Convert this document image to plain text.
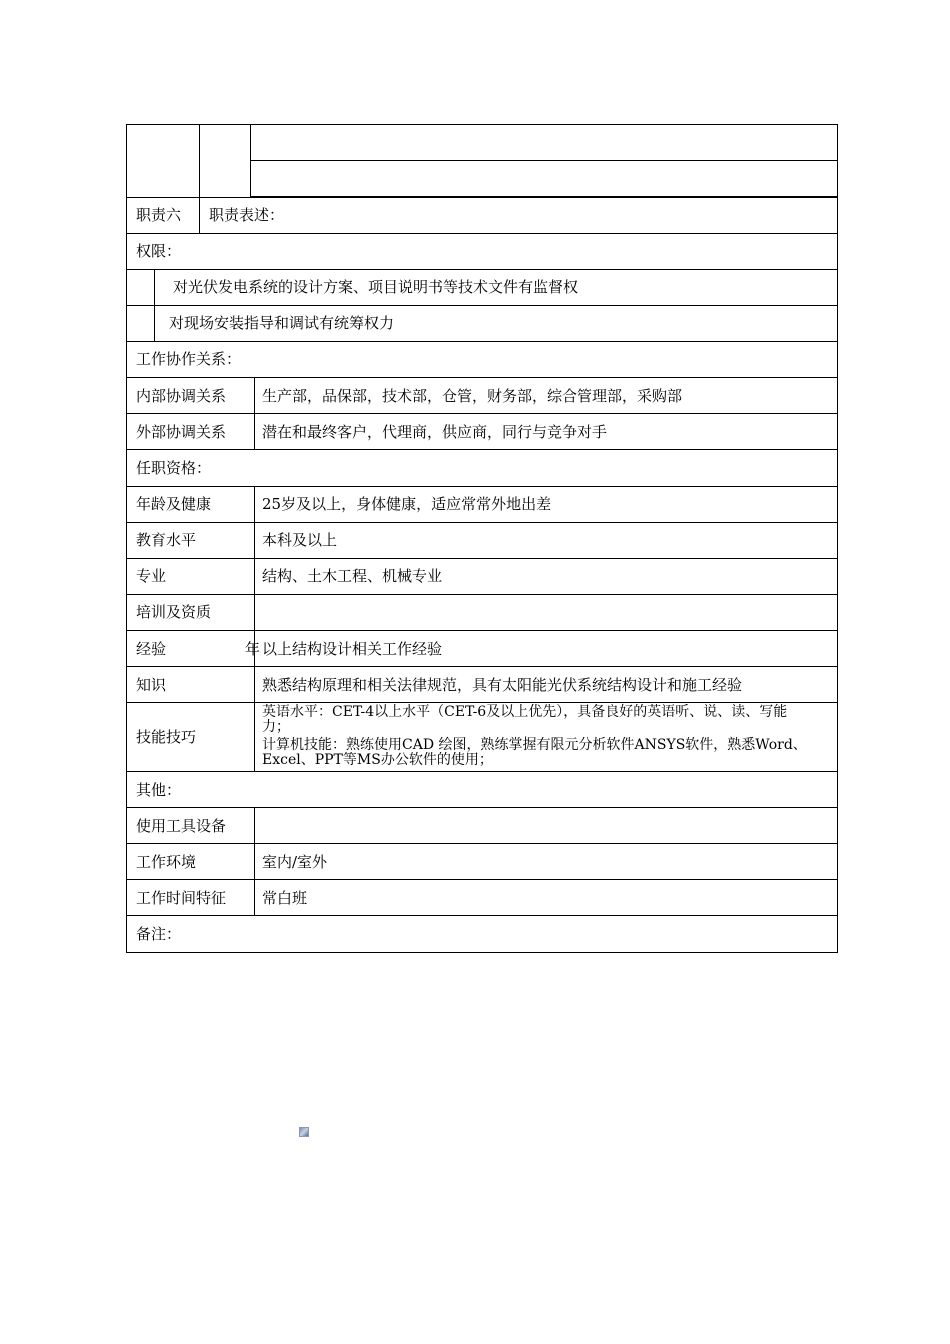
职责六 职责表述：
权限：
对光伏发电系统的设计方案、项目说明书等技术文件有监督权
对现场安装指导和调试有统筹权力
工作协作关系：
内部协调关系 生产部，品保部，技术部，仓管，财务部，综合管理部，采购部
外部协调关系 潜在和最终客户，代理商，供应商，同行与竞争对手
任职资格：
年龄及健康	25岁及以上，身体健康，适应常常外地出差
教育水平	本科及以上
专业	结构、土木工程、机械专业
培训及资质
经验	年 以上结构设计相关工作经验
知识	熟悉结构原理和相关法律规范，具有太阳能光伏系统结构设计和施工经验
技能技巧
英语水平：CET-4以上水平（CET-6及以上优先），具备良好的英语听、说、读、写能力；
计算机技能：熟练使用CAD 绘图，熟练掌握有限元分析软件ANSYS软件，熟悉Word、Excel、PPT等MS办公软件的使用；
其他：
使用工具设备
工作环境	室内/室外
工作时间特征 常白班
备注：
